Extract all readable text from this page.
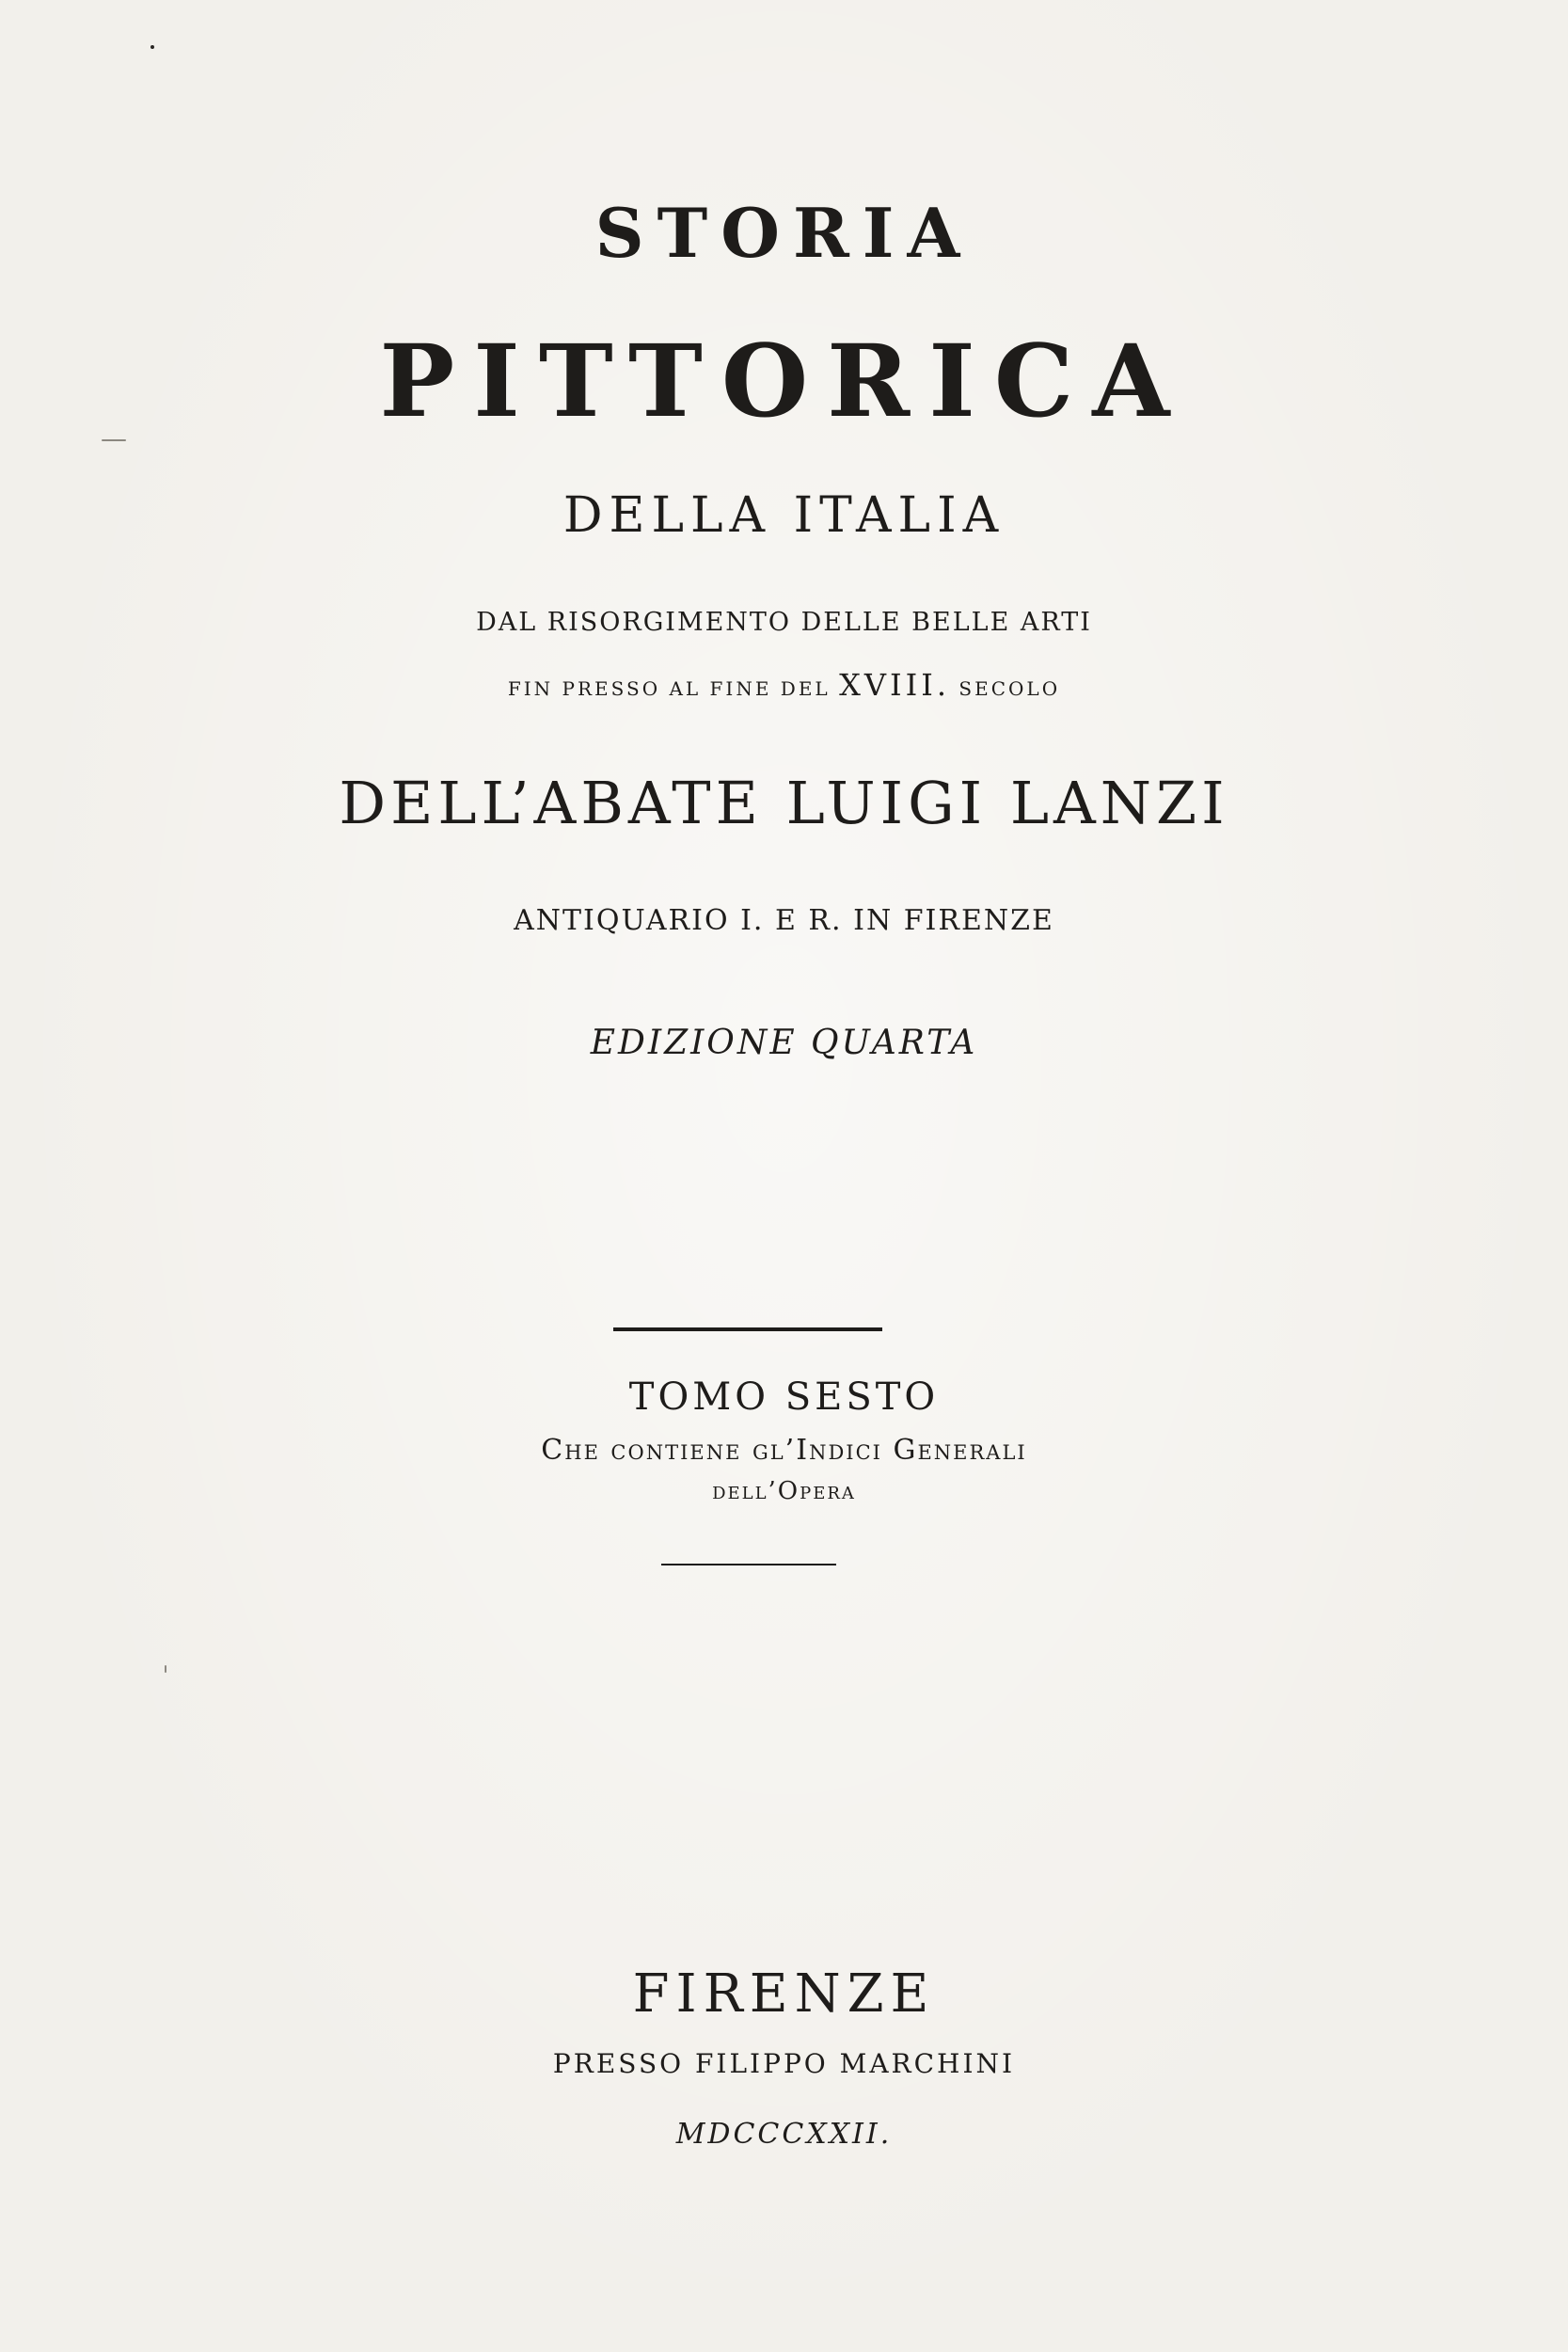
STORIA
PITTORICA
DELLA ITALIA
DAL RISORGIMENTO DELLE BELLE ARTI
FIN PRESSO AL FINE DEL XVIII. SECOLO
DELL’ABATE LUIGI LANZI
ANTIQUARIO I. E R. IN FIRENZE
EDIZIONE QUARTA
TOMO SESTO
Che contiene gl’Indici Generali
dell’Opera
FIRENZE
PRESSO FILIPPO MARCHINI
MDCCCXXII.
